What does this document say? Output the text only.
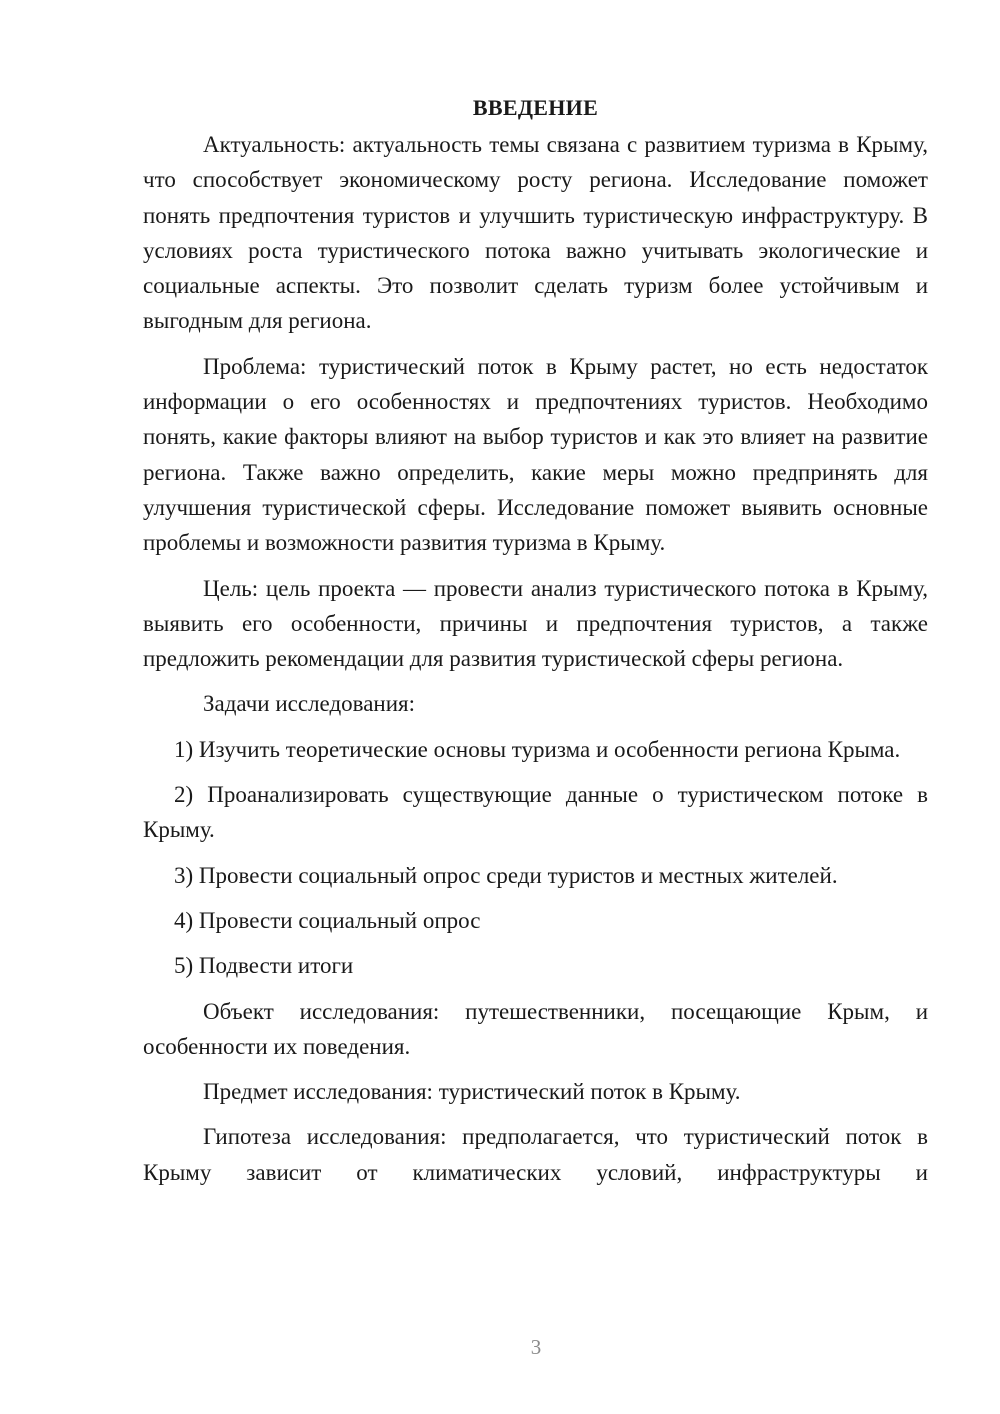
ВВЕДЕНИЕ

Актуальность: актуальность темы связана с развитием туризма в Крыму, что способствует экономическому росту региона. Исследование поможет понять предпочтения туристов и улучшить туристическую инфраструктуру. В условиях роста туристического потока важно учитывать экологические и социальные аспекты. Это позволит сделать туризм более устойчивым и выгодным для региона.

Проблема: туристический поток в Крыму растет, но есть недостаток информации о его особенностях и предпочтениях туристов. Необходимо понять, какие факторы влияют на выбор туристов и как это влияет на развитие региона. Также важно определить, какие меры можно предпринять для улучшения туристической сферы. Исследование поможет выявить основные проблемы и возможности развития туризма в Крыму.

Цель: цель проекта — провести анализ туристического потока в Крыму, выявить его особенности, причины и предпочтения туристов, а также предложить рекомендации для развития туристической сферы региона.

Задачи исследования:

1) Изучить теоретические основы туризма и особенности региона Крыма.

2) Проанализировать существующие данные о туристическом потоке в Крыму.

3) Провести социальный опрос среди туристов и местных жителей.

4) Провести социальный опрос

5) Подвести итоги

Объект исследования: путешественники, посещающие Крым, и особенности их поведения.

Предмет исследования: туристический поток в Крыму.

Гипотеза исследования: предполагается, что туристический поток в Крыму зависит от климатических условий, инфраструктуры и

3
